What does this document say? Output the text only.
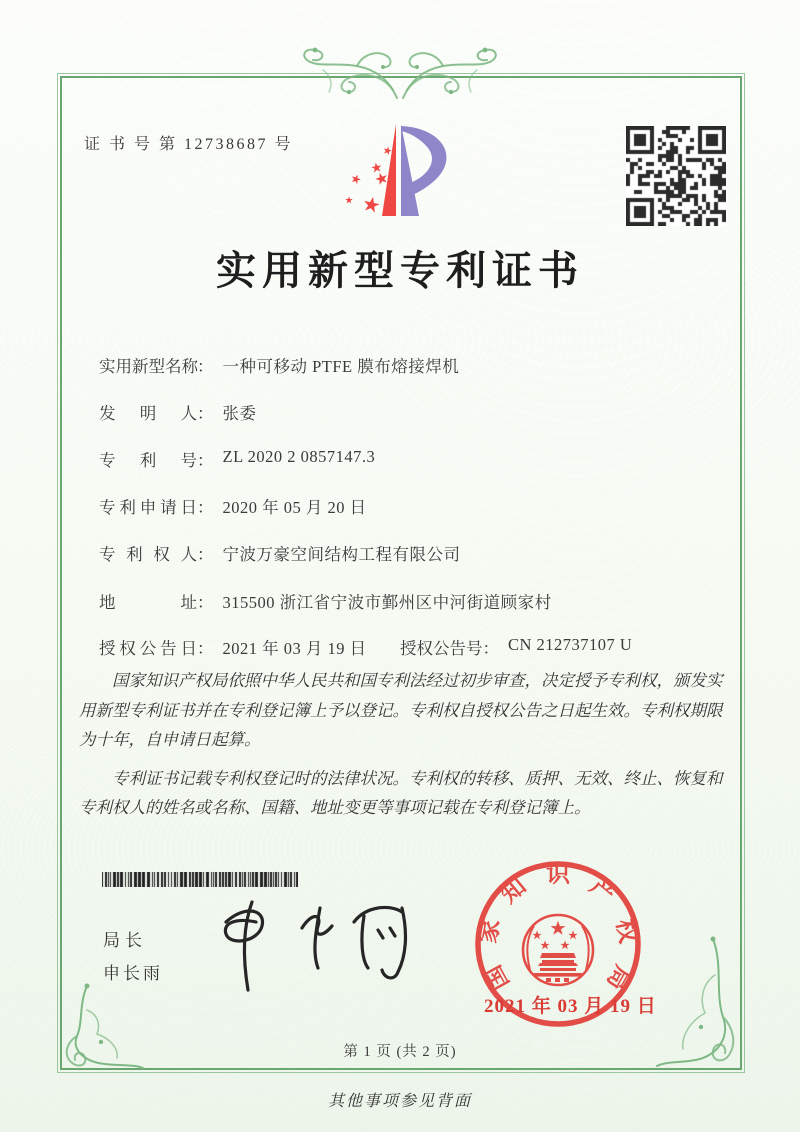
证 书 号 第 12738687 号
实用新型专利证书
实用新型名称： 一种可移动 PTFE 膜布熔接焊机
发明人： 张委
专利号： ZL 2020 2 0857147.3
专利申请日： 2020 年 05 月 20 日
专利权人： 宁波万豪空间结构工程有限公司
地址： 315500 浙江省宁波市鄞州区中河街道顾家村
授权公告日： 2021 年 03 月 19 日 授权公告号： CN 212737107 U

国家知识产权局依照中华人民共和国专利法经过初步审查，决定授予专利权，颁发实用新型专利证书并在专利登记簿上予以登记。专利权自授权公告之日起生效。专利权期限为十年，自申请日起算。

专利证书记载专利权登记时的法律状况。专利权的转移、质押、无效、终止、恢复和专利权人的姓名或名称、国籍、地址变更等事项记载在专利登记簿上。

局长
申长雨	国家知识产权局
2021 年 03 月 19 日
第 1 页 (共 2 页)
其他事项参见背面
